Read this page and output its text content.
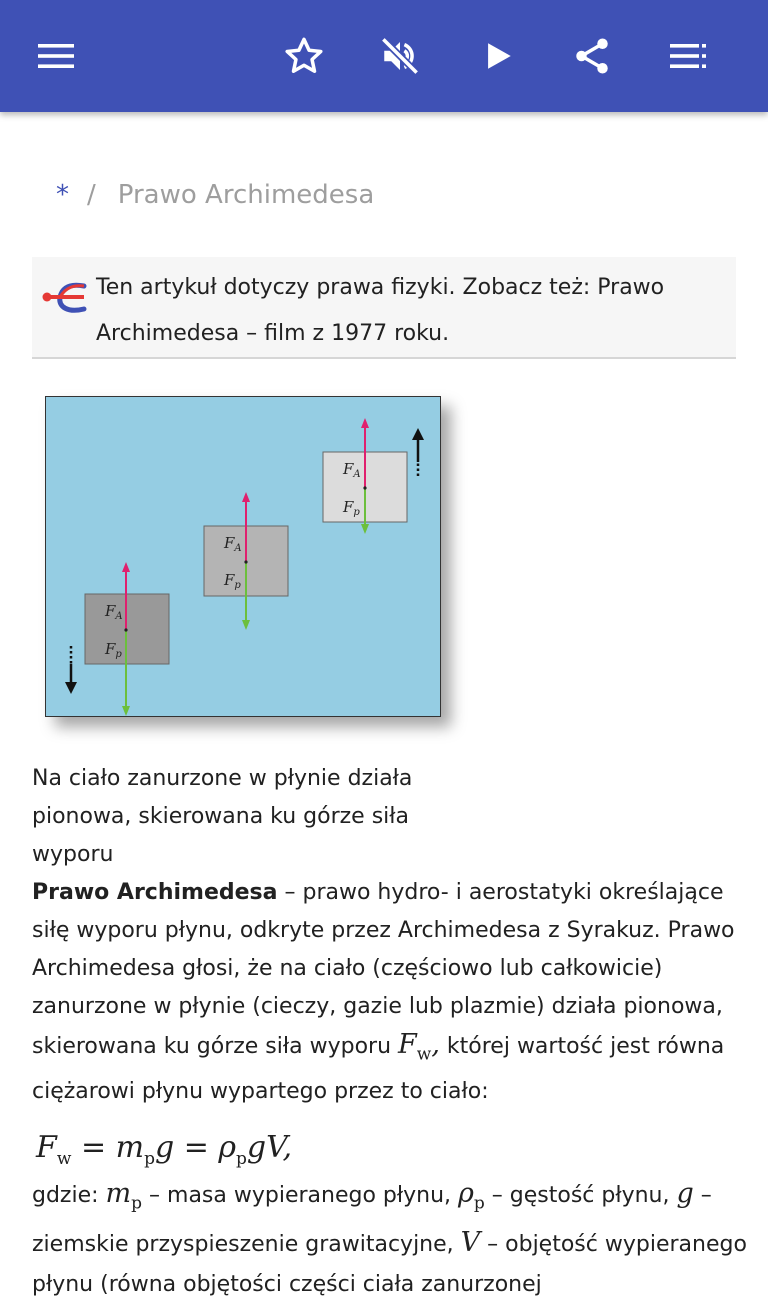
* / Prawo Archimedesa
Ten artykuł dotyczy prawa fizyki. Zobacz też: Prawo
Archimedesa – film z 1977 roku.
$F_A$
$F_p$
$F_A$
$F_p$
$F_A$
$F_p$
Na ciało zanurzone w płynie działa pionowa, skierowana ku górze siła wyporu
Prawo Archimedesa – prawo hydro- i aerostatyki określające siłę wyporu płynu, odkryte przez Archimedesa z Syrakuz. Prawo Archimedesa głosi, że na ciało (częściowo lub całkowicie) zanurzone w płynie (cieczy, gazie lub plazmie) działa pionowa, skierowana ku górze siła wyporu $F_w$, której wartość jest równa ciężarowi płynu wypartego przez to ciało:
$F_w = m_pg = \rho_pgV$,
gdzie: $m_p$ – masa wypieranego płynu, $\rho_p$ – gęstość płynu, g – ziemskie przyspieszenie grawitacyjne, V – objętość wypieranego płynu (równa objętości części ciała zanurzonej
